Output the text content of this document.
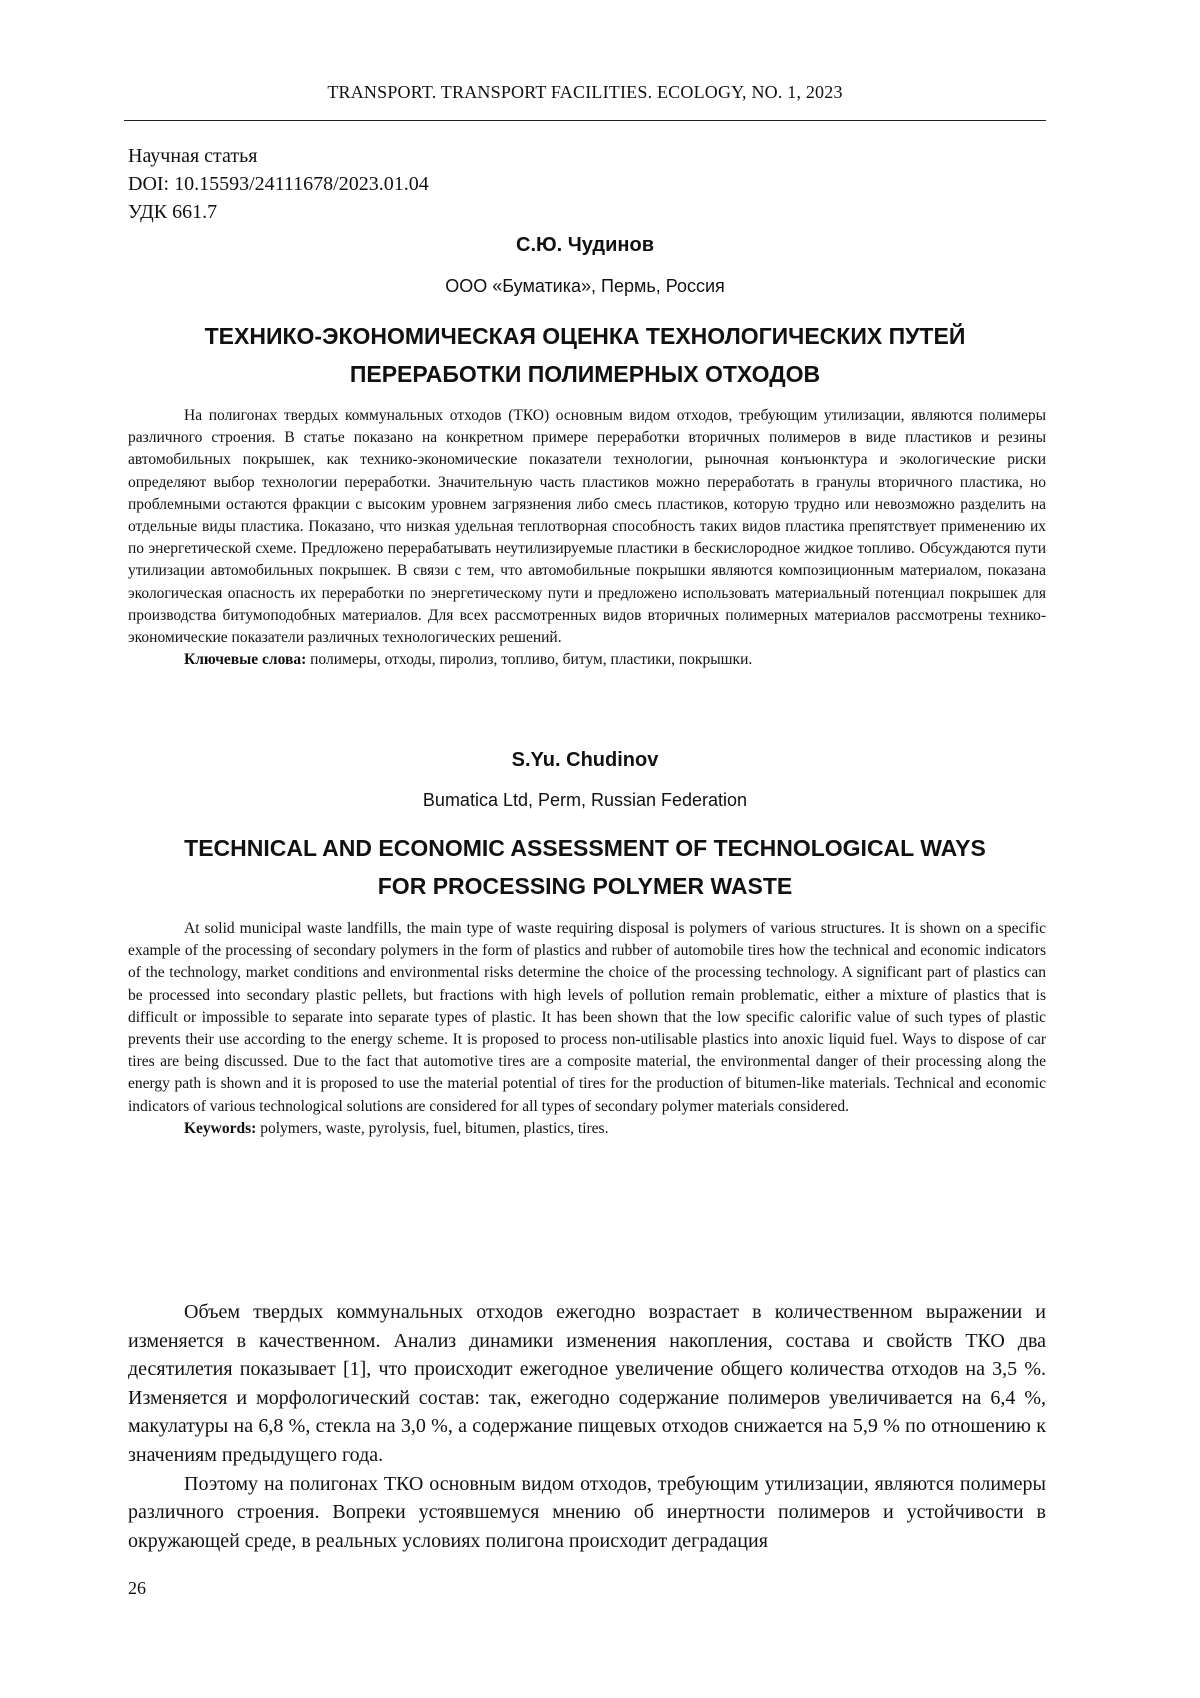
TRANSPORT. TRANSPORT FACILITIES. ECOLOGY, NO. 1, 2023
Научная статья
DOI: 10.15593/24111678/2023.01.04
УДК 661.7
С.Ю. Чудинов
ООО «Буматика», Пермь, Россия
ТЕХНИКО-ЭКОНОМИЧЕСКАЯ ОЦЕНКА ТЕХНОЛОГИЧЕСКИХ ПУТЕЙ
ПЕРЕРАБОТКИ ПОЛИМЕРНЫХ ОТХОДОВ

На полигонах твердых коммунальных отходов (ТКО) основным видом отходов, требующим утилизации, являются полимеры различного строения. В статье показано на конкретном примере переработки вторичных полимеров в виде пластиков и резины автомобильных покрышек, как технико-экономические показатели технологии, рыночная конъюнктура и экологические риски определяют выбор технологии переработки. Значительную часть пластиков можно переработать в гранулы вторичного пластика, но проблемными остаются фракции с высоким уровнем загрязнения либо смесь пластиков, которую трудно или невозможно разделить на отдельные виды пластика. Показано, что низкая удельная теплотворная способность таких видов пластика препятствует применению их по энергетической схеме. Предложено перерабатывать неутилизируемые пластики в бескислородное жидкое топливо. Обсуждаются пути утилизации автомобильных покрышек. В связи с тем, что автомобильные покрышки являются композиционным материалом, показана экологическая опасность их переработки по энергетическому пути и предложено использовать материальный потенциал покрышек для производства битумоподобных материалов. Для всех рассмотренных видов вторичных полимерных материалов рассмотрены технико-экономические показатели различных технологических решений.

Ключевые слова: полимеры, отходы, пиролиз, топливо, битум, пластики, покрышки.

S.Yu. Chudinov
Bumatica Ltd, Perm, Russian Federation
TECHNICAL AND ECONOMIC ASSESSMENT OF TECHNOLOGICAL WAYS
FOR PROCESSING POLYMER WASTE

At solid municipal waste landfills, the main type of waste requiring disposal is polymers of various structures. It is shown on a specific example of the processing of secondary polymers in the form of plastics and rubber of automobile tires how the technical and economic indicators of the technology, market conditions and environmental risks determine the choice of the processing technology. A significant part of plastics can be processed into secondary plastic pellets, but fractions with high levels of pollution remain problematic, either a mixture of plastics that is difficult or impossible to separate into separate types of plastic. It has been shown that the low specific calorific value of such types of plastic prevents their use according to the energy scheme. It is proposed to process non-utilisable plastics into anoxic liquid fuel. Ways to dispose of car tires are being discussed. Due to the fact that automotive tires are a composite material, the environmental danger of their processing along the energy path is shown and it is proposed to use the material potential of tires for the production of bitumen-like materials. Technical and economic indicators of various technological solutions are considered for all types of secondary polymer materials considered.

Keywords: polymers, waste, pyrolysis, fuel, bitumen, plastics, tires.

Объем твердых коммунальных отходов ежегодно возрастает в количественном выражении и изменяется в качественном. Анализ динамики изменения накопления, состава и свойств ТКО два десятилетия показывает [1], что происходит ежегодное увеличение общего количества отходов на 3,5 %. Изменяется и морфологический состав: так, ежегодно содержание полимеров увеличивается на 6,4 %, макулатуры на 6,8 %, стекла на 3,0 %, а содержание пищевых отходов снижается на 5,9 % по отношению к значениям предыдущего года.

Поэтому на полигонах ТКО основным видом отходов, требующим утилизации, являются полимеры различного строения. Вопреки устоявшемуся мнению об инертности полимеров и устойчивости в окружающей среде, в реальных условиях полигона происходит деградация

26
